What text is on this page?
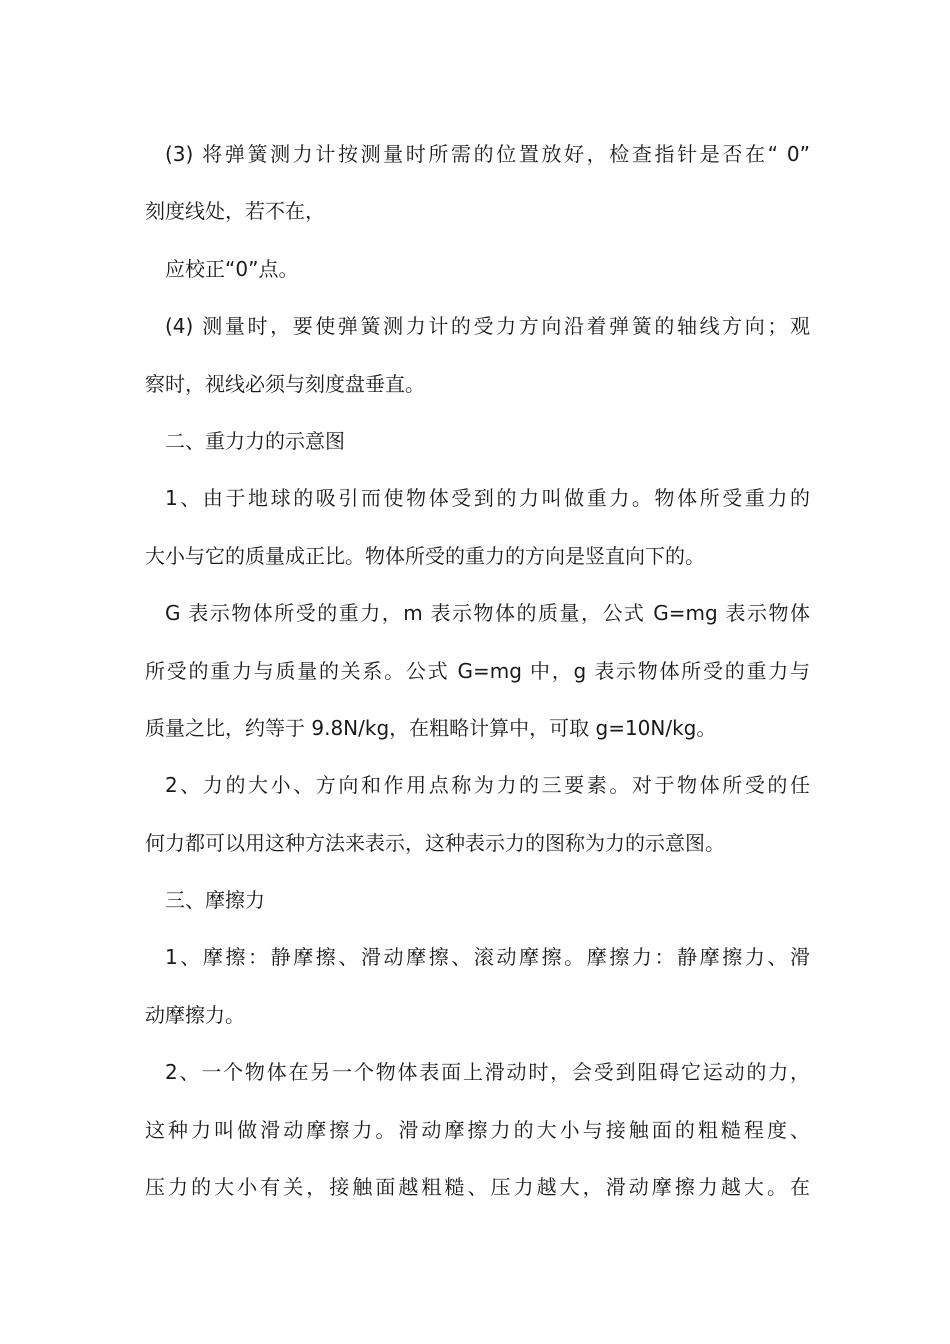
(3) 将弹簧测力计按测量时所需的位置放好，检查指针是否在“ 0”
刻度线处，若不在，
应校正“0”点。
(4) 测量时，要使弹簧测力计的受力方向沿着弹簧的轴线方向；观
察时，视线必须与刻度盘垂直。
二、重力力的示意图
1、由于地球的吸引而使物体受到的力叫做重力。物体所受重力的
大小与它的质量成正比。物体所受的重力的方向是竖直向下的。
G 表示物体所受的重力，m 表示物体的质量，公式 G=mg 表示物体
所受的重力与质量的关系。公式 G=mg 中，g 表示物体所受的重力与
质量之比，约等于 9.8N/kg，在粗略计算中，可取 g=10N/kg。
2、力的大小、方向和作用点称为力的三要素。对于物体所受的任
何力都可以用这种方法来表示，这种表示力的图称为力的示意图。
三、摩擦力
1、摩擦：静摩擦、滑动摩擦、滚动摩擦。摩擦力：静摩擦力、滑
动摩擦力。
2、一个物体在另一个物体表面上滑动时，会受到阻碍它运动的力，
这种力叫做滑动摩擦力。滑动摩擦力的大小与接触面的粗糙程度、
压力的大小有关，接触面越粗糙、压力越大，滑动摩擦力越大。在
